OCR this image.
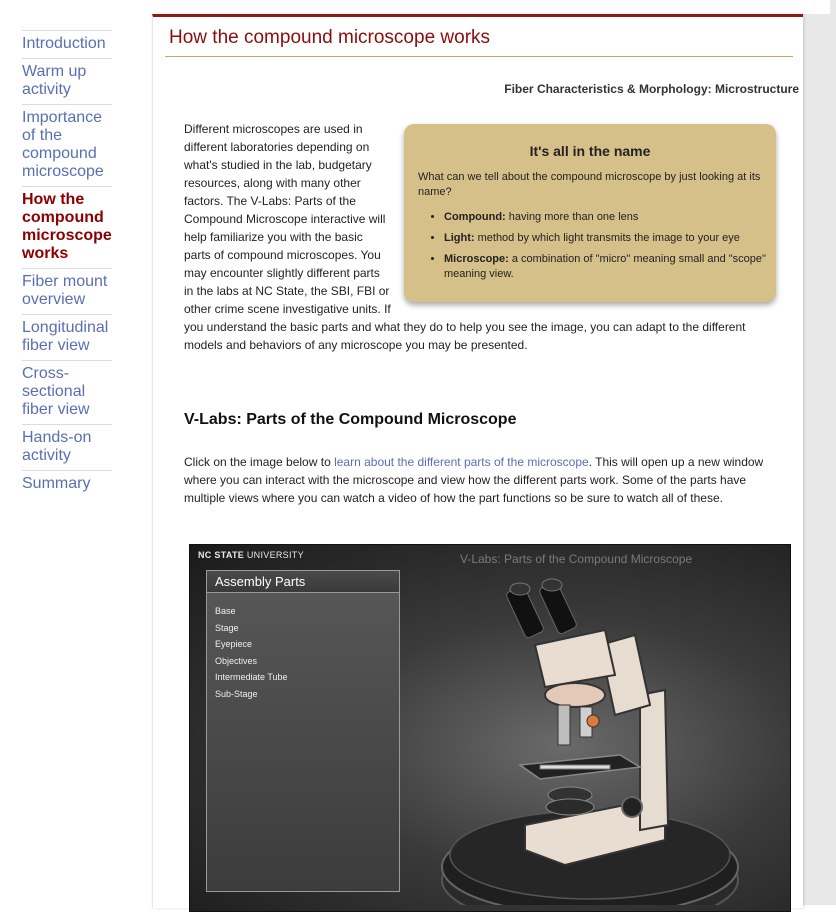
Introduction
Warm up activity
Importance of the compound microscope
How the compound microscope works
Fiber mount overview
Longitudinal fiber view
Cross-sectional fiber view
Hands-on activity
Summary
How the compound microscope works
Fiber Characteristics & Morphology: Microstructure
It's all in the name

What can we tell about the compound microscope by just looking at its name?

• Compound: having more than one lens
• Light: method by which light transmits the image to your eye
• Microscope: a combination of "micro" meaning small and "scope" meaning view.
Different microscopes are used in different laboratories depending on what's studied in the lab, budgetary resources, along with many other factors. The V-Labs: Parts of the Compound Microscope interactive will help familiarize you with the basic parts of compound microscopes. You may encounter slightly different parts in the labs at NC State, the SBI, FBI or other crime scene investigative units. If you understand the basic parts and what they do to help you see the image, you can adapt to the different models and behaviors of any microscope you may be presented.
V-Labs: Parts of the Compound Microscope

Click on the image below to learn about the different parts of the microscope. This will open up a new window where you can interact with the microscope and view how the different parts work. Some of the parts have multiple views where you can watch a video of how the part functions so be sure to watch all of these.

NC STATE UNIVERSITY	V-Labs: Parts of the Compound Microscope
Assembly Parts
Base
Stage
Eyepiece
Objectives
Intermediate Tube
Sub-Stage
